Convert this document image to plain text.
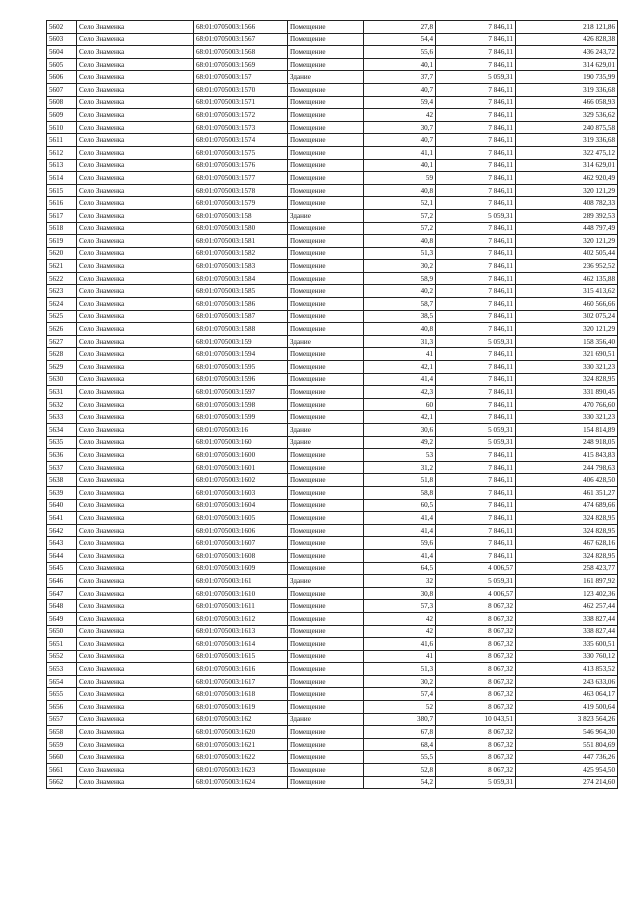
5602	Село Знаменка	68:01:0705003:1566	Помещение	27,8	7 846,11	218 121,86
5603	Село Знаменка	68:01:0705003:1567	Помещение	54,4	7 846,11	426 828,38
5604	Село Знаменка	68:01:0705003:1568	Помещение	55,6	7 846,11	436 243,72
5605	Село Знаменка	68:01:0705003:1569	Помещение	40,1	7 846,11	314 629,01
5606	Село Знаменка	68:01:0705003:157	Здание	37,7	5 059,31	190 735,99
5607	Село Знаменка	68:01:0705003:1570	Помещение	40,7	7 846,11	319 336,68
5608	Село Знаменка	68:01:0705003:1571	Помещение	59,4	7 846,11	466 058,93
5609	Село Знаменка	68:01:0705003:1572	Помещение	42	7 846,11	329 536,62
5610	Село Знаменка	68:01:0705003:1573	Помещение	30,7	7 846,11	240 875,58
5611	Село Знаменка	68:01:0705003:1574	Помещение	40,7	7 846,11	319 336,68
5612	Село Знаменка	68:01:0705003:1575	Помещение	41,1	7 846,11	322 475,12
5613	Село Знаменка	68:01:0705003:1576	Помещение	40,1	7 846,11	314 629,01
5614	Село Знаменка	68:01:0705003:1577	Помещение	59	7 846,11	462 920,49
5615	Село Знаменка	68:01:0705003:1578	Помещение	40,8	7 846,11	320 121,29
5616	Село Знаменка	68:01:0705003:1579	Помещение	52,1	7 846,11	408 782,33
5617	Село Знаменка	68:01:0705003:158	Здание	57,2	5 059,31	289 392,53
5618	Село Знаменка	68:01:0705003:1580	Помещение	57,2	7 846,11	448 797,49
5619	Село Знаменка	68:01:0705003:1581	Помещение	40,8	7 846,11	320 121,29
5620	Село Знаменка	68:01:0705003:1582	Помещение	51,3	7 846,11	402 505,44
5621	Село Знаменка	68:01:0705003:1583	Помещение	30,2	7 846,11	236 952,52
5622	Село Знаменка	68:01:0705003:1584	Помещение	58,9	7 846,11	462 135,88
5623	Село Знаменка	68:01:0705003:1585	Помещение	40,2	7 846,11	315 413,62
5624	Село Знаменка	68:01:0705003:1586	Помещение	58,7	7 846,11	460 566,66
5625	Село Знаменка	68:01:0705003:1587	Помещение	38,5	7 846,11	302 075,24
5626	Село Знаменка	68:01:0705003:1588	Помещение	40,8	7 846,11	320 121,29
5627	Село Знаменка	68:01:0705003:159	Здание	31,3	5 059,31	158 356,40
5628	Село Знаменка	68:01:0705003:1594	Помещение	41	7 846,11	321 690,51
5629	Село Знаменка	68:01:0705003:1595	Помещение	42,1	7 846,11	330 321,23
5630	Село Знаменка	68:01:0705003:1596	Помещение	41,4	7 846,11	324 828,95
5631	Село Знаменка	68:01:0705003:1597	Помещение	42,3	7 846,11	331 890,45
5632	Село Знаменка	68:01:0705003:1598	Помещение	60	7 846,11	470 766,60
5633	Село Знаменка	68:01:0705003:1599	Помещение	42,1	7 846,11	330 321,23
5634	Село Знаменка	68:01:0705003:16	Здание	30,6	5 059,31	154 814,89
5635	Село Знаменка	68:01:0705003:160	Здание	49,2	5 059,31	248 918,05
5636	Село Знаменка	68:01:0705003:1600	Помещение	53	7 846,11	415 843,83
5637	Село Знаменка	68:01:0705003:1601	Помещение	31,2	7 846,11	244 798,63
5638	Село Знаменка	68:01:0705003:1602	Помещение	51,8	7 846,11	406 428,50
5639	Село Знаменка	68:01:0705003:1603	Помещение	58,8	7 846,11	461 351,27
5640	Село Знаменка	68:01:0705003:1604	Помещение	60,5	7 846,11	474 689,66
5641	Село Знаменка	68:01:0705003:1605	Помещение	41,4	7 846,11	324 828,95
5642	Село Знаменка	68:01:0705003:1606	Помещение	41,4	7 846,11	324 828,95
5643	Село Знаменка	68:01:0705003:1607	Помещение	59,6	7 846,11	467 628,16
5644	Село Знаменка	68:01:0705003:1608	Помещение	41,4	7 846,11	324 828,95
5645	Село Знаменка	68:01:0705003:1609	Помещение	64,5	4 006,57	258 423,77
5646	Село Знаменка	68:01:0705003:161	Здание	32	5 059,31	161 897,92
5647	Село Знаменка	68:01:0705003:1610	Помещение	30,8	4 006,57	123 402,36
5648	Село Знаменка	68:01:0705003:1611	Помещение	57,3	8 067,32	462 257,44
5649	Село Знаменка	68:01:0705003:1612	Помещение	42	8 067,32	338 827,44
5650	Село Знаменка	68:01:0705003:1613	Помещение	42	8 067,32	338 827,44
5651	Село Знаменка	68:01:0705003:1614	Помещение	41,6	8 067,32	335 600,51
5652	Село Знаменка	68:01:0705003:1615	Помещение	41	8 067,32	330 760,12
5653	Село Знаменка	68:01:0705003:1616	Помещение	51,3	8 067,32	413 853,52
5654	Село Знаменка	68:01:0705003:1617	Помещение	30,2	8 067,32	243 633,06
5655	Село Знаменка	68:01:0705003:1618	Помещение	57,4	8 067,32	463 064,17
5656	Село Знаменка	68:01:0705003:1619	Помещение	52	8 067,32	419 500,64
5657	Село Знаменка	68:01:0705003:162	Здание	380,7	10 043,51	3 823 564,26
5658	Село Знаменка	68:01:0705003:1620	Помещение	67,8	8 067,32	546 964,30
5659	Село Знаменка	68:01:0705003:1621	Помещение	68,4	8 067,32	551 804,69
5660	Село Знаменка	68:01:0705003:1622	Помещение	55,5	8 067,32	447 736,26
5661	Село Знаменка	68:01:0705003:1623	Помещение	52,8	8 067,32	425 954,50
5662	Село Знаменка	68:01:0705003:1624	Помещение	54,2	5 059,31	274 214,60
